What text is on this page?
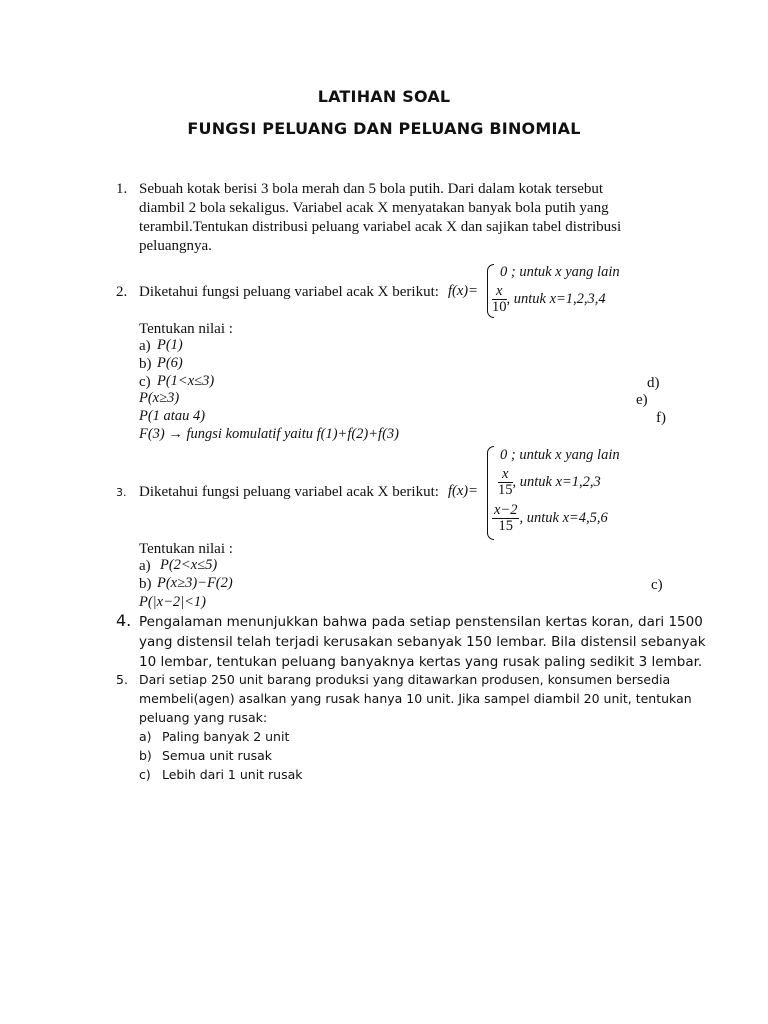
LATIHAN SOAL
FUNGSI PELUANG DAN PELUANG BINOMIAL
1. Sebuah kotak berisi 3 bola merah dan 5 bola putih. Dari dalam kotak tersebut
diambil 2 bola sekaligus. Variabel acak X menyatakan banyak bola putih yang
terambil.Tentukan distribusi peluang variabel acak X dan sajikan tabel distribusi
peluangnya.
2. Diketahui fungsi peluang variabel acak X berikut: f(x)=
0 ; untuk x yang lain
$\frac{x}{10}$ , untuk x=1,2,3,4
Tentukan nilai :
a) P(1)
b) P(6)
c) P(1<x≤3)	d)
P(x≥3)	e)
P(1 atau 4)	f)
F(3) → fungsi komulatif yaitu f(1)+f(2)+f(3)
3. Diketahui fungsi peluang variabel acak X berikut: f(x)=
0 ; untuk x yang lain
$\frac{x}{15}$ , untuk x=1,2,3
$\frac{x-2}{15}$ , untuk x=4,5,6
Tentukan nilai :
a) P(2<x≤5)
b) P(x≥3)−F(2)	c)
P(|x−2|<1)
4. Pengalaman menunjukkan bahwa pada setiap penstensilan kertas koran, dari 1500
yang distensil telah terjadi kerusakan sebanyak 150 lembar. Bila distensil sebanyak
10 lembar, tentukan peluang banyaknya kertas yang rusak paling sedikit 3 lembar.
5. Dari setiap 250 unit barang produksi yang ditawarkan produsen, konsumen bersedia
membeli(agen) asalkan yang rusak hanya 10 unit. Jika sampel diambil 20 unit, tentukan
peluang yang rusak:
a) Paling banyak 2 unit
b) Semua unit rusak
c) Lebih dari 1 unit rusak
